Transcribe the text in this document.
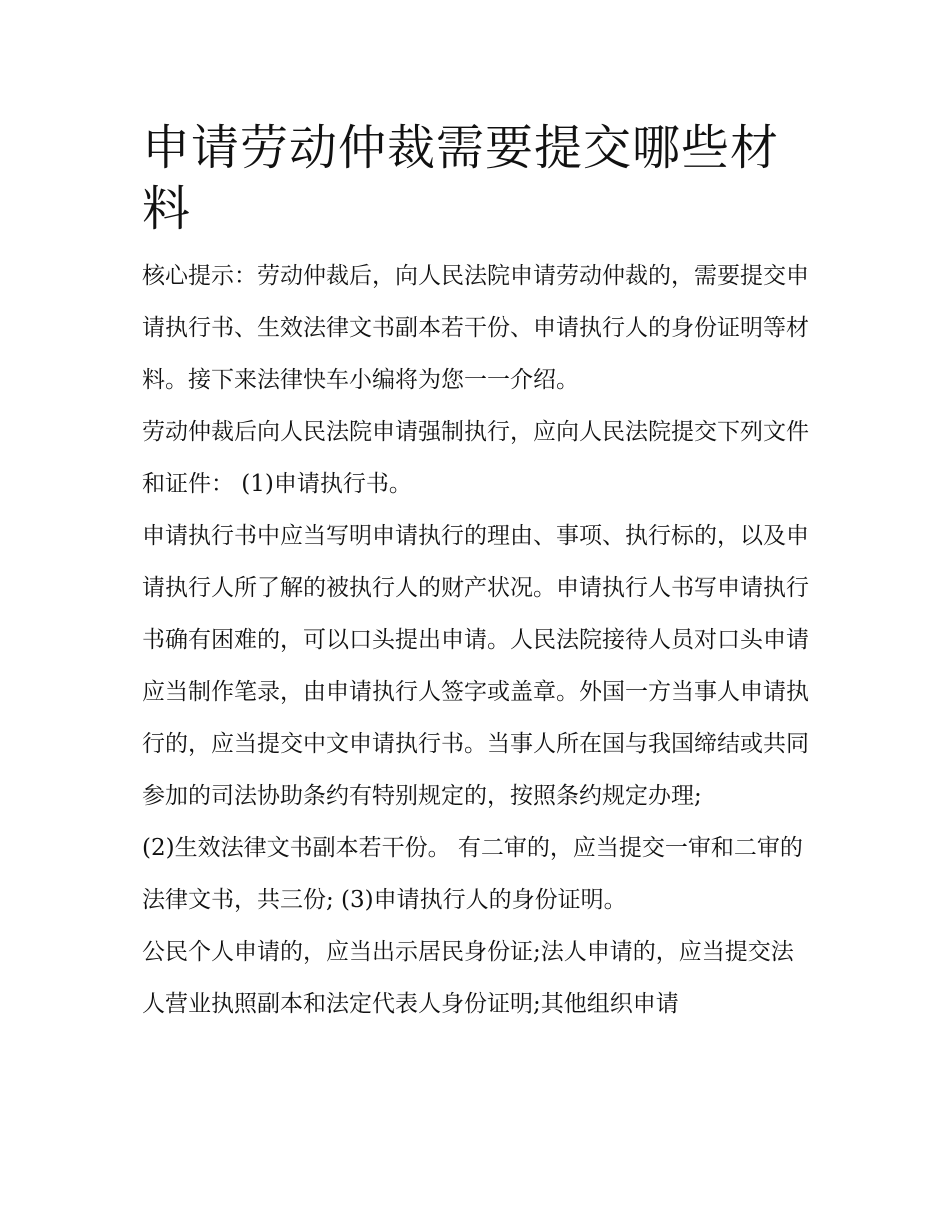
申请劳动仲裁需要提交哪些材料

核心提示：劳动仲裁后，向人民法院申请劳动仲裁的，需要提交申请执行书、生效法律文书副本若干份、申请执行人的身份证明等材料。接下来法律快车小编将为您一一介绍。

劳动仲裁后向人民法院申请强制执行，应向人民法院提交下列文件和证件： (1)申请执行书。

申请执行书中应当写明申请执行的理由、事项、执行标的，以及申请执行人所了解的被执行人的财产状况。申请执行人书写申请执行书确有困难的，可以口头提出申请。人民法院接待人员对口头申请应当制作笔录，由申请执行人签字或盖章。外国一方当事人申请执行的，应当提交中文申请执行书。当事人所在国与我国缔结或共同参加的司法协助条约有特别规定的，按照条约规定办理;

(2)生效法律文书副本若干份。 有二审的，应当提交一审和二审的法律文书，共三份; (3)申请执行人的身份证明。

公民个人申请的，应当出示居民身份证;法人申请的，应当提交法人营业执照副本和法定代表人身份证明;其他组织申请
